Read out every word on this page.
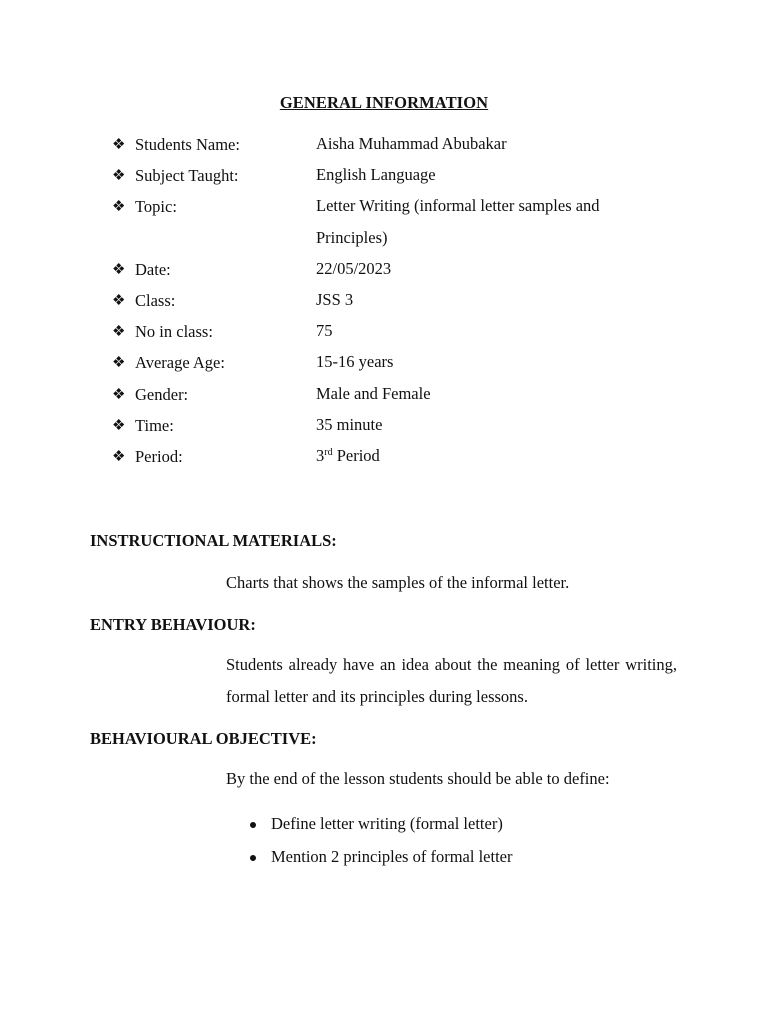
GENERAL INFORMATION
❖ Students Name:	Aisha Muhammad Abubakar
❖ Subject Taught:	English Language
❖ Topic:	Letter Writing (informal letter samples and Principles)
❖ Date:	22/05/2023
❖ Class:	JSS 3
❖ No in class:	75
❖ Average Age:	15-16 years
❖ Gender:	Male and Female
❖ Time:	35 minute
❖ Period:	3rd Period
INSTRUCTIONAL MATERIALS:
Charts that shows the samples of the informal letter.
ENTRY BEHAVIOUR:
Students already have an idea about the meaning of letter writing, formal letter and its principles during lessons.
BEHAVIOURAL OBJECTIVE:
By the end of the lesson students should be able to define:
Define letter writing (formal letter)
Mention 2 principles of formal letter
